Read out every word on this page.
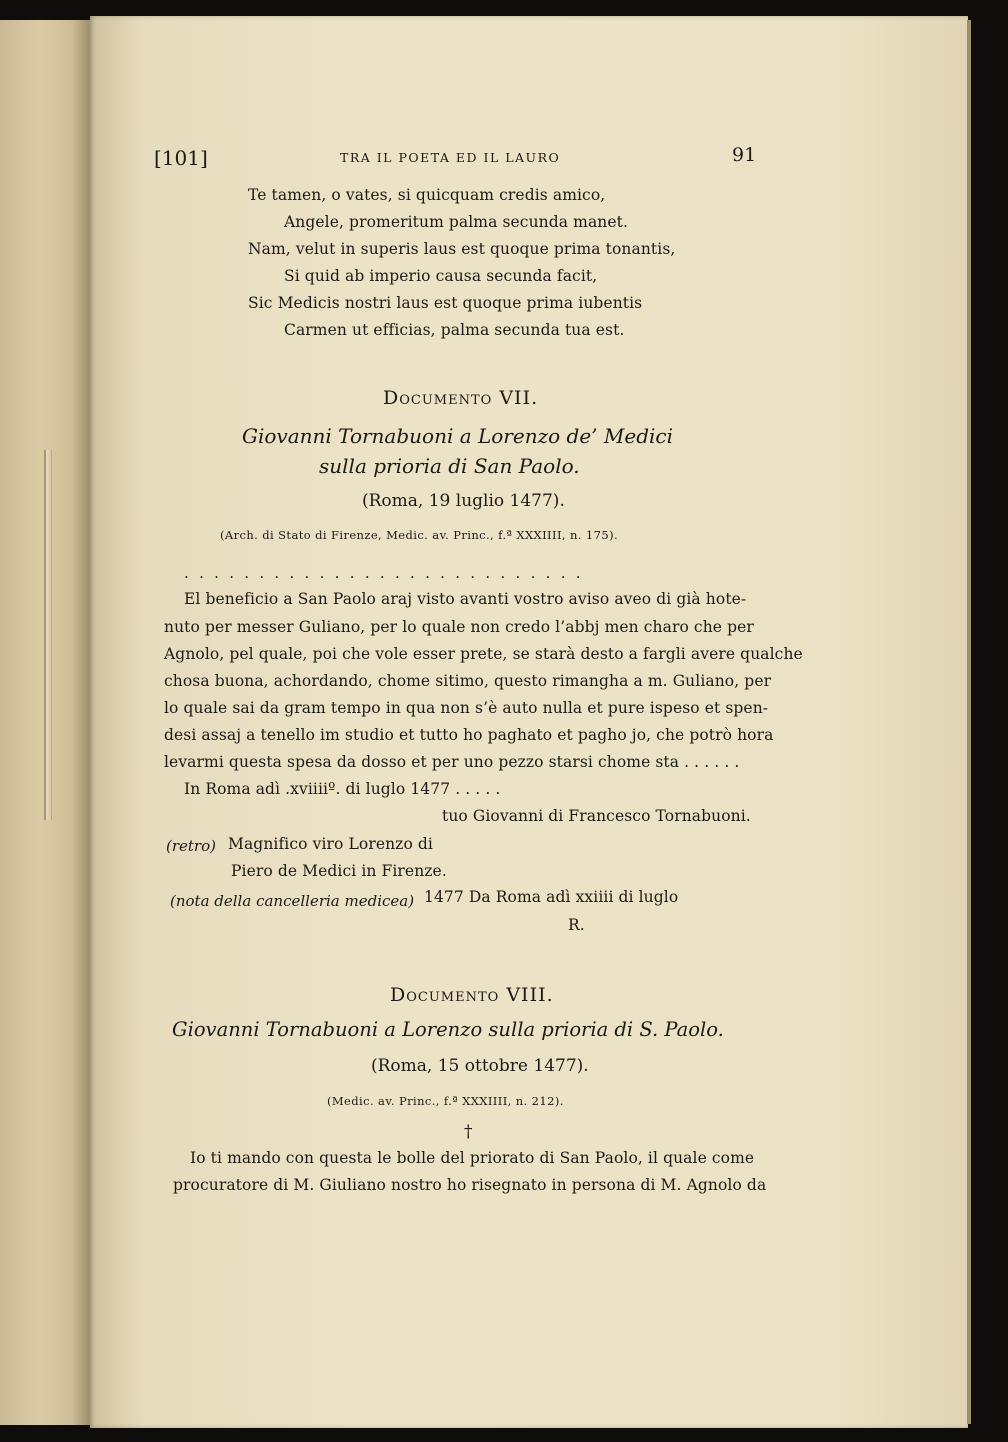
[101]	TRA IL POETA ED IL LAURO	91
Te tamen, o vates, si quicquam credis amico,
Angele, promeritum palma secunda manet.
Nam, velut in superis laus est quoque prima tonantis,
Si quid ab imperio causa secunda facit,
Sic Medicis nostri laus est quoque prima iubentis
Carmen ut efficias, palma secunda tua est.
Documento VII.
Giovanni Tornabuoni a Lorenzo de’ Medici
sulla prioria di San Paolo.
(Roma, 19 luglio 1477).
(Arch. di Stato di Firenze, Medic. av. Princ., f.ª XXXIIII, n. 175).
...........................
El beneficio a San Paolo araj visto avanti vostro aviso aveo di già hote-
nuto per messer Guliano, per lo quale non credo l’abbj men charo che per
Agnolo, pel quale, poi che vole esser prete, se starà desto a fargli avere qualche
chosa buona, achordando, chome sitimo, questo rimangha a m. Guliano, per
lo quale sai da gram tempo in qua non s’è auto nulla et pure ispeso et spen-
desi assaj a tenello im studio et tutto ho paghato et pagho jo, che potrò hora
levarmi questa spesa da dosso et per uno pezzo starsi chome sta . . . . . .
In Roma adì .xviiiiº. di luglo 1477 . . . . .
tuo Giovanni di Francesco Tornabuoni.
(retro) Magnifico viro Lorenzo di
Piero de Medici in Firenze.
(nota della cancelleria medicea) 1477 Da Roma adì xxiiii di luglo
R.
Documento VIII.
Giovanni Tornabuoni a Lorenzo sulla prioria di S. Paolo.
(Roma, 15 ottobre 1477).
(Medic. av. Princ., f.ª XXXIIII, n. 212).
†
Io ti mando con questa le bolle del priorato di San Paolo, il quale come
procuratore di M. Giuliano nostro ho risegnato in persona di M. Agnolo da
